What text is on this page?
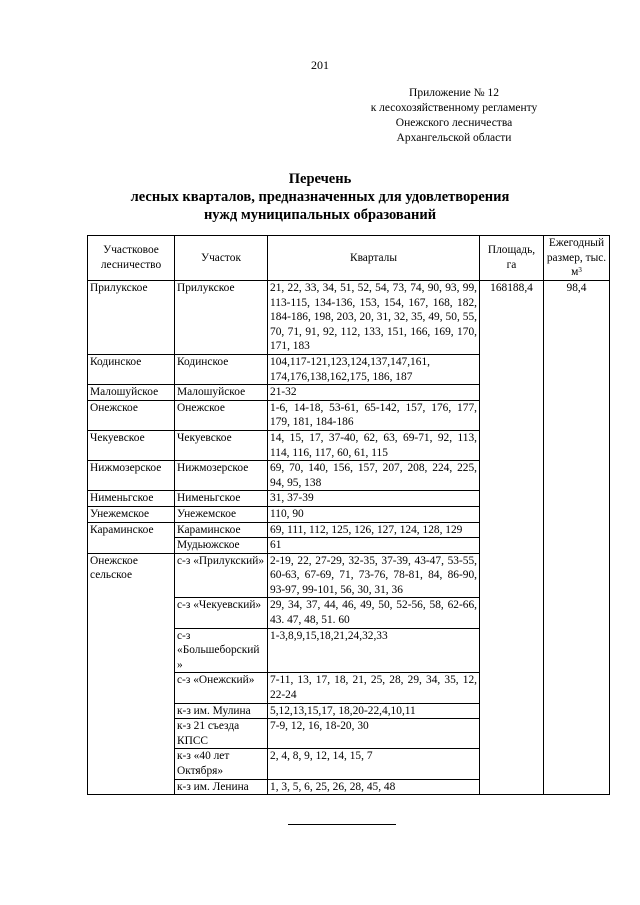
201
Приложение № 12
к лесохозяйственному регламенту
Онежского лесничества
Архангельской области
Перечень
лесных кварталов, предназначенных для удовлетворения
нужд муниципальных образований
Участковое лесничество	Участок	Кварталы	Площадь, га	Ежегодный размер, тыс. $м^3$
Прилукское	Прилукское	21, 22, 33, 34, 51, 52, 54, 73, 74, 90, 93, 99, 113-115, 134-136, 153, 154, 167, 168, 182, 184-186, 198, 203, 20, 31, 32, 35, 49, 50, 55, 70, 71, 91, 92, 112, 133, 151, 166, 169, 170, 171, 183	168188,4	98,4
Кодинское	Кодинское	104,117-121,123,124,137,147,161, 174,176,138,162,175, 186, 187		
Малошуйское	Малошуйское	21-32		
Онежское	Онежское	1-6, 14-18, 53-61, 65-142, 157, 176, 177, 179, 181, 184-186		
Чекуевское	Чекуевское	14, 15, 17, 37-40, 62, 63, 69-71, 92, 113, 114, 116, 117, 60, 61, 115		
Нижмозерское	Нижмозерское	69, 70, 140, 156, 157, 207, 208, 224, 225, 94, 95, 138		
Нименьгское	Нименьгское	31, 37-39		
Унежемское	Унежемское	110, 90		
Караминское	Караминское	69, 111, 112, 125, 126, 127, 124, 128, 129		
	Мудьюжское	61		
Онежское сельское	с-з «Прилукский»	2-19, 22, 27-29, 32-35, 37-39, 43-47, 53-55, 60-63, 67-69, 71, 73-76, 78-81, 84, 86-90, 93-97, 99-101, 56, 30, 31, 36		
	с-з «Чекуевский»	29, 34, 37, 44, 46, 49, 50, 52-56, 58, 62-66, 43. 47, 48, 51. 60		
	с-з «Большеборский»	1-3,8,9,15,18,21,24,32,33		
	с-з «Онежский»	7-11, 13, 17, 18, 21, 25, 28, 29, 34, 35, 12, 22-24		
	к-з им. Мулина	5,12,13,15,17, 18,20-22,4,10,11		
	к-з 21 съезда КПСС	7-9, 12, 16, 18-20, 30		
	к-з «40 лет Октября»	2, 4, 8, 9, 12, 14, 15, 7		
	к-з им. Ленина	1, 3, 5, 6, 25, 26, 28, 45, 48		
